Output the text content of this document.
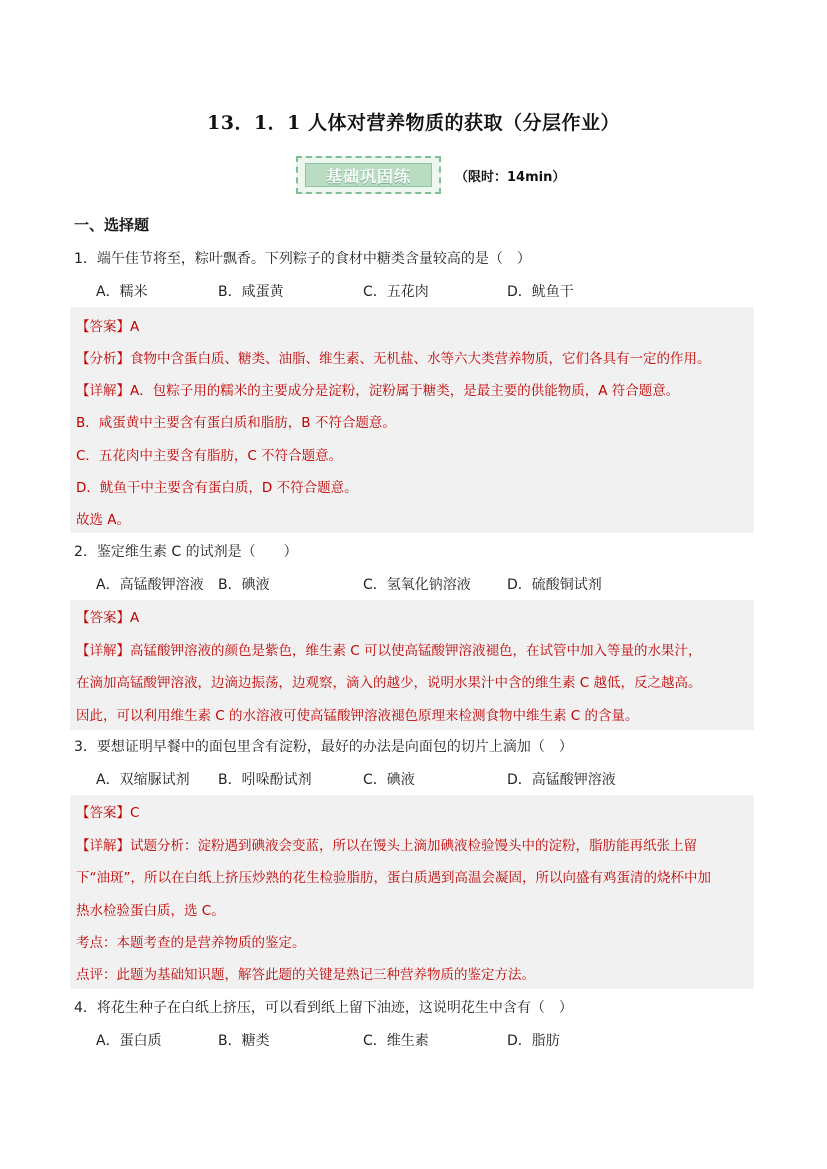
13．1．1 人体对营养物质的获取（分层作业）
基础巩固练	（限时：14min）
一、选择题
1．端午佳节将至，粽叶飘香。下列粽子的食材中糖类含量较高的是（　）
A．糯米	B．咸蛋黄	C．五花肉	D．鱿鱼干
【答案】A
【分析】食物中含蛋白质、糖类、油脂、维生素、无机盐、水等六大类营养物质，它们各具有一定的作用。
【详解】A．包粽子用的糯米的主要成分是淀粉，淀粉属于糖类，是最主要的供能物质，A 符合题意。
B．咸蛋黄中主要含有蛋白质和脂肪，B 不符合题意。
C．五花肉中主要含有脂肪，C 不符合题意。
D．鱿鱼干中主要含有蛋白质，D 不符合题意。
故选 A。
2．鉴定维生素 C 的试剂是（　　）
A．高锰酸钾溶液 B．碘液	C．氢氧化钠溶液	D．硫酸铜试剂
【答案】A
【详解】高锰酸钾溶液的颜色是紫色，维生素 C 可以使高锰酸钾溶液褪色，在试管中加入等量的水果汁，
在滴加高锰酸钾溶液，边滴边振荡，边观察，滴入的越少，说明水果汁中含的维生素 C 越低，反之越高。
因此，可以利用维生素 C 的水溶液可使高锰酸钾溶液褪色原理来检测食物中维生素 C 的含量。
3．要想证明早餐中的面包里含有淀粉，最好的办法是向面包的切片上滴加（　）
A．双缩脲试剂 B．吲哚酚试剂	C．碘液	D．高锰酸钾溶液
【答案】C
【详解】试题分析：淀粉遇到碘液会变蓝，所以在馒头上滴加碘液检验馒头中的淀粉，脂肪能再纸张上留
下“油斑”，所以在白纸上挤压炒熟的花生检验脂肪，蛋白质遇到高温会凝固，所以向盛有鸡蛋清的烧杯中加
热水检验蛋白质，选 C。
考点：本题考查的是营养物质的鉴定。
点评：此题为基础知识题，解答此题的关键是熟记三种营养物质的鉴定方法。
4．将花生种子在白纸上挤压，可以看到纸上留下油迹，这说明花生中含有（　）
A．蛋白质	B．糖类	C．维生素	D．脂肪
